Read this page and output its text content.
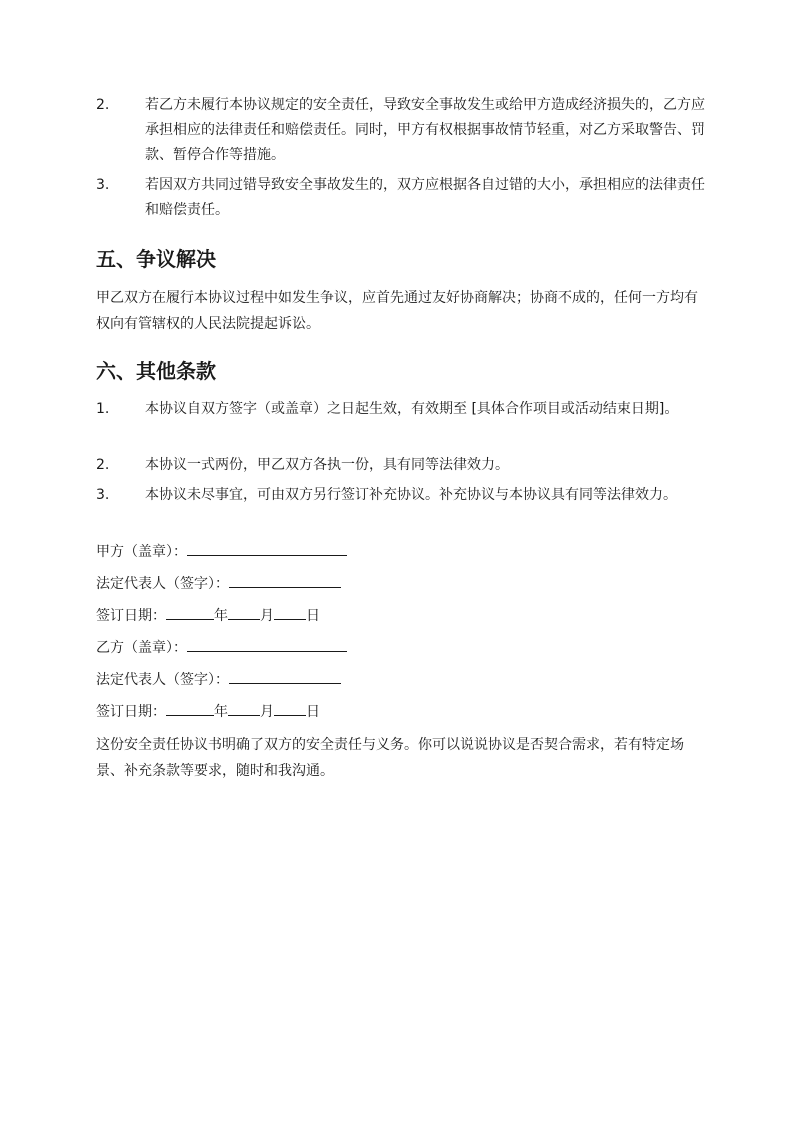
2.	若乙方未履行本协议规定的安全责任，导致安全事故发生或给甲方造成经济损失的，乙方应承担相应的法律责任和赔偿责任。同时，甲方有权根据事故情节轻重，对乙方采取警告、罚款、暂停合作等措施。
3.	若因双方共同过错导致安全事故发生的，双方应根据各自过错的大小，承担相应的法律责任和赔偿责任。
五、争议解决
甲乙双方在履行本协议过程中如发生争议，应首先通过友好协商解决；协商不成的，任何一方均有权向有管辖权的人民法院提起诉讼。
六、其他条款
1.	本协议自双方签字（或盖章）之日起生效，有效期至 [具体合作项目或活动结束日期]。
2.	本协议一式两份，甲乙双方各执一份，具有同等法律效力。
3.	本协议未尽事宜，可由双方另行签订补充协议。补充协议与本协议具有同等法律效力。
甲方（盖章）：
法定代表人（签字）：
签订日期：	年 月 日
乙方（盖章）：
法定代表人（签字）：
签订日期：	年 月 日
这份安全责任协议书明确了双方的安全责任与义务。你可以说说协议是否契合需求，若有特定场景、补充条款等要求，随时和我沟通。
